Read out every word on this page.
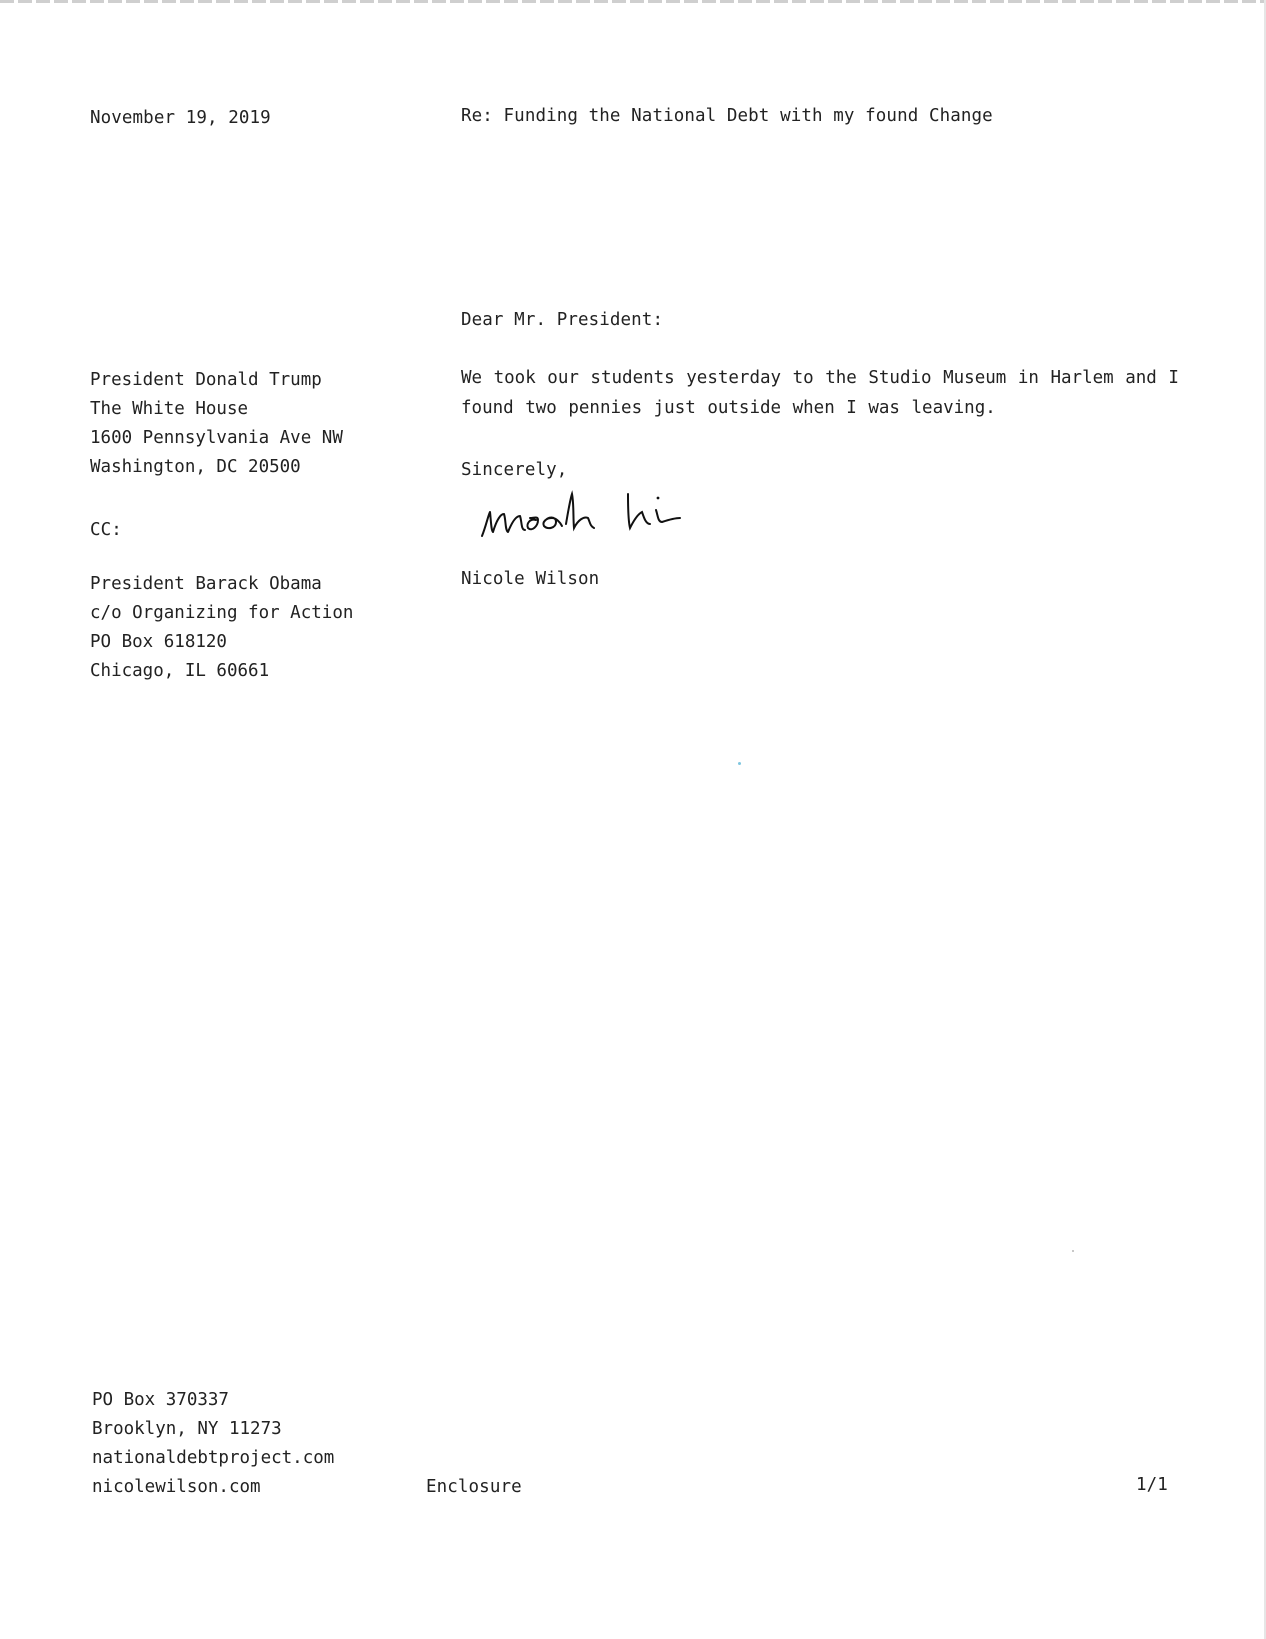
November 19, 2019	Re: Funding the National Debt with my found Change
Dear Mr. President:
President Donald Trump
The White House
1600 Pennsylvania Ave NW
Washington, DC 20500
CC:
President Barack Obama
c/o Organizing for Action
PO Box 618120
Chicago, IL 60661
We took our students yesterday to the Studio Museum in Harlem and I found two pennies just outside when I was leaving.
Sincerely,
Nicole Wilson
PO Box 370337
Brooklyn, NY 11273
nationaldebtproject.com
nicolewilson.com	Enclosure	1/1
